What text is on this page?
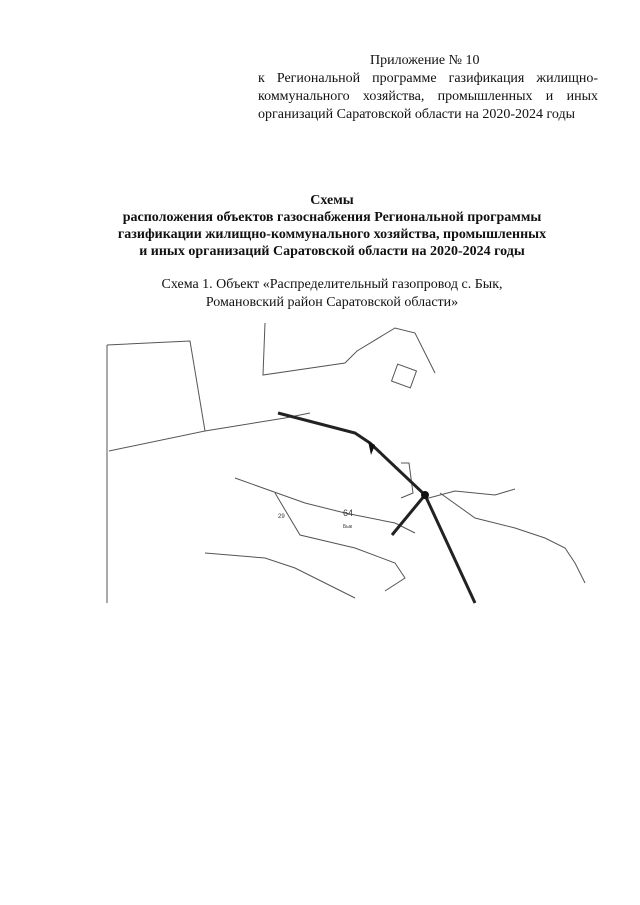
Приложение № 10
к Региональной программе газификация жилищно-
коммунального хозяйства, промышленных и иных
организаций Саратовской области на 2020-2024 годы
Схемы
расположения объектов газоснабжения Региональной программы
газификации жилищно-коммунального хозяйства, промышленных
и иных организаций Саратовской области на 2020-2024 годы
Схема 1. Объект «Распределительный газопровод с. Бык,
Романовский район Саратовской области»
64
Бык
29
